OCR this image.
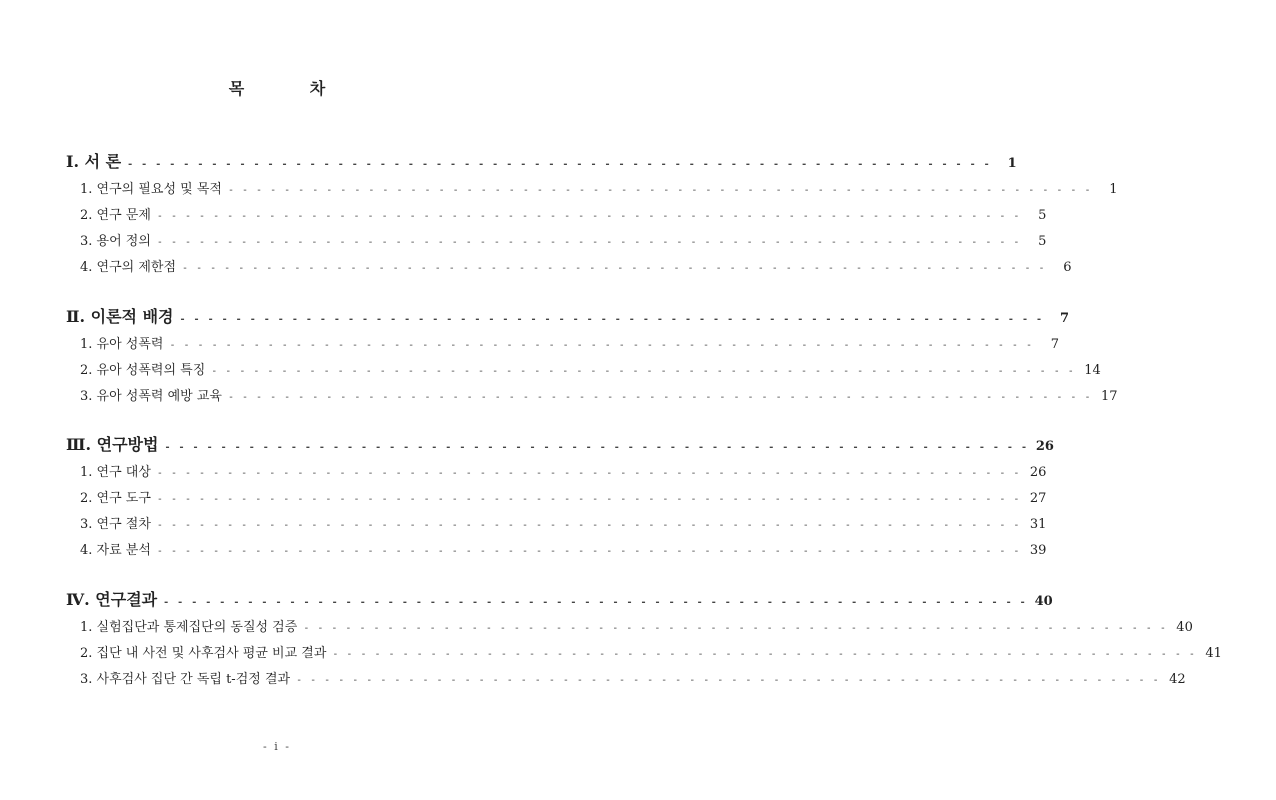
목 차
Ⅰ. 서 론 - - - - - - - - - - - - - - - - - - - - - - - - - - - - - - - - - - - - - - - - - - - - - - - - - - - - - - - - - - - - - -	1
1. 연구의 필요성 및 목적 - - - - - - - - - - - - - - - - - - - - - - - - - - - - - - - - - - - - - - - - - - - - - - - - - - - - - - - - - - - - - -	1
2. 연구 문제 - - - - - - - - - - - - - - - - - - - - - - - - - - - - - - - - - - - - - - - - - - - - - - - - - - - - - - - - - - - - - -	5
3. 용어 정의 - - - - - - - - - - - - - - - - - - - - - - - - - - - - - - - - - - - - - - - - - - - - - - - - - - - - - - - - - - - - - -	5
4. 연구의 제한점 - - - - - - - - - - - - - - - - - - - - - - - - - - - - - - - - - - - - - - - - - - - - - - - - - - - - - - - - - - - - - -	6
Ⅱ. 이론적 배경 - - - - - - - - - - - - - - - - - - - - - - - - - - - - - - - - - - - - - - - - - - - - - - - - - - - - - - - - - - - - - -	7
1. 유아 성폭력 - - - - - - - - - - - - - - - - - - - - - - - - - - - - - - - - - - - - - - - - - - - - - - - - - - - - - - - - - - - - - -	7
2. 유아 성폭력의 특징 - - - - - - - - - - - - - - - - - - - - - - - - - - - - - - - - - - - - - - - - - - - - - - - - - - - - - - - - - - - - - - 14
3. 유아 성폭력 예방 교육 - - - - - - - - - - - - - - - - - - - - - - - - - - - - - - - - - - - - - - - - - - - - - - - - - - - - - - - - - - - - - - 17
Ⅲ. 연구방법 - - - - - - - - - - - - - - - - - - - - - - - - - - - - - - - - - - - - - - - - - - - - - - - - - - - - - - - - - - - - - - 26
1. 연구 대상 - - - - - - - - - - - - - - - - - - - - - - - - - - - - - - - - - - - - - - - - - - - - - - - - - - - - - - - - - - - - - - 26
2. 연구 도구 - - - - - - - - - - - - - - - - - - - - - - - - - - - - - - - - - - - - - - - - - - - - - - - - - - - - - - - - - - - - - - 27
3. 연구 절차 - - - - - - - - - - - - - - - - - - - - - - - - - - - - - - - - - - - - - - - - - - - - - - - - - - - - - - - - - - - - - - 31
4. 자료 분석 - - - - - - - - - - - - - - - - - - - - - - - - - - - - - - - - - - - - - - - - - - - - - - - - - - - - - - - - - - - - - - 39
Ⅳ. 연구결과 - - - - - - - - - - - - - - - - - - - - - - - - - - - - - - - - - - - - - - - - - - - - - - - - - - - - - - - - - - - - - - 40
1. 실험집단과 통제집단의 동질성 검증 - - - - - - - - - - - - - - - - - - - - - - - - - - - - - - - - - - - - - - - - - - - - - - - - - - - - - - - - - - - - - - 40
2. 집단 내 사전 및 사후검사 평균 비교 결과 - - - - - - - - - - - - - - - - - - - - - - - - - - - - - - - - - - - - - - - - - - - - - - - - - - - - - - - - - - - - - - 41
3. 사후검사 집단 간 독립 t-검정 결과 - - - - - - - - - - - - - - - - - - - - - - - - - - - - - - - - - - - - - - - - - - - - - - - - - - - - - - - - - - - - - - 42
- i -
